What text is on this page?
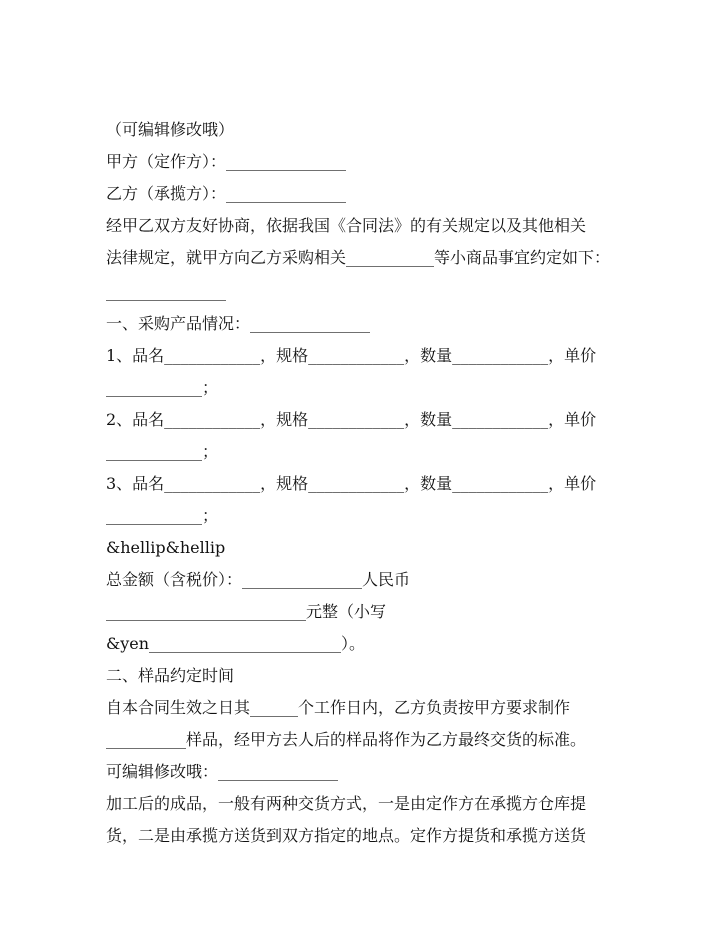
（可编辑修改哦）
甲方（定作方）：_______________
乙方（承揽方）：_______________
经甲乙双方友好协商，依据我国《合同法》的有关规定以及其他相关
法律规定，就甲方向乙方采购相关___________等小商品事宜约定如下：
_______________
一、采购产品情况：_______________
1、品名____________，规格____________，数量____________，单价
____________；
2、品名____________，规格____________，数量____________，单价
____________；
3、品名____________，规格____________，数量____________，单价
____________；
&hellip&hellip
总金额（含税价）：_______________人民币
_________________________元整（小写
&yen________________________）。
二、样品约定时间
自本合同生效之日其______个工作日内，乙方负责按甲方要求制作
__________样品，经甲方去人后的样品将作为乙方最终交货的标准。
可编辑修改哦：_______________
加工后的成品，一般有两种交货方式，一是由定作方在承揽方仓库提
货，二是由承揽方送货到双方指定的地点。定作方提货和承揽方送货
